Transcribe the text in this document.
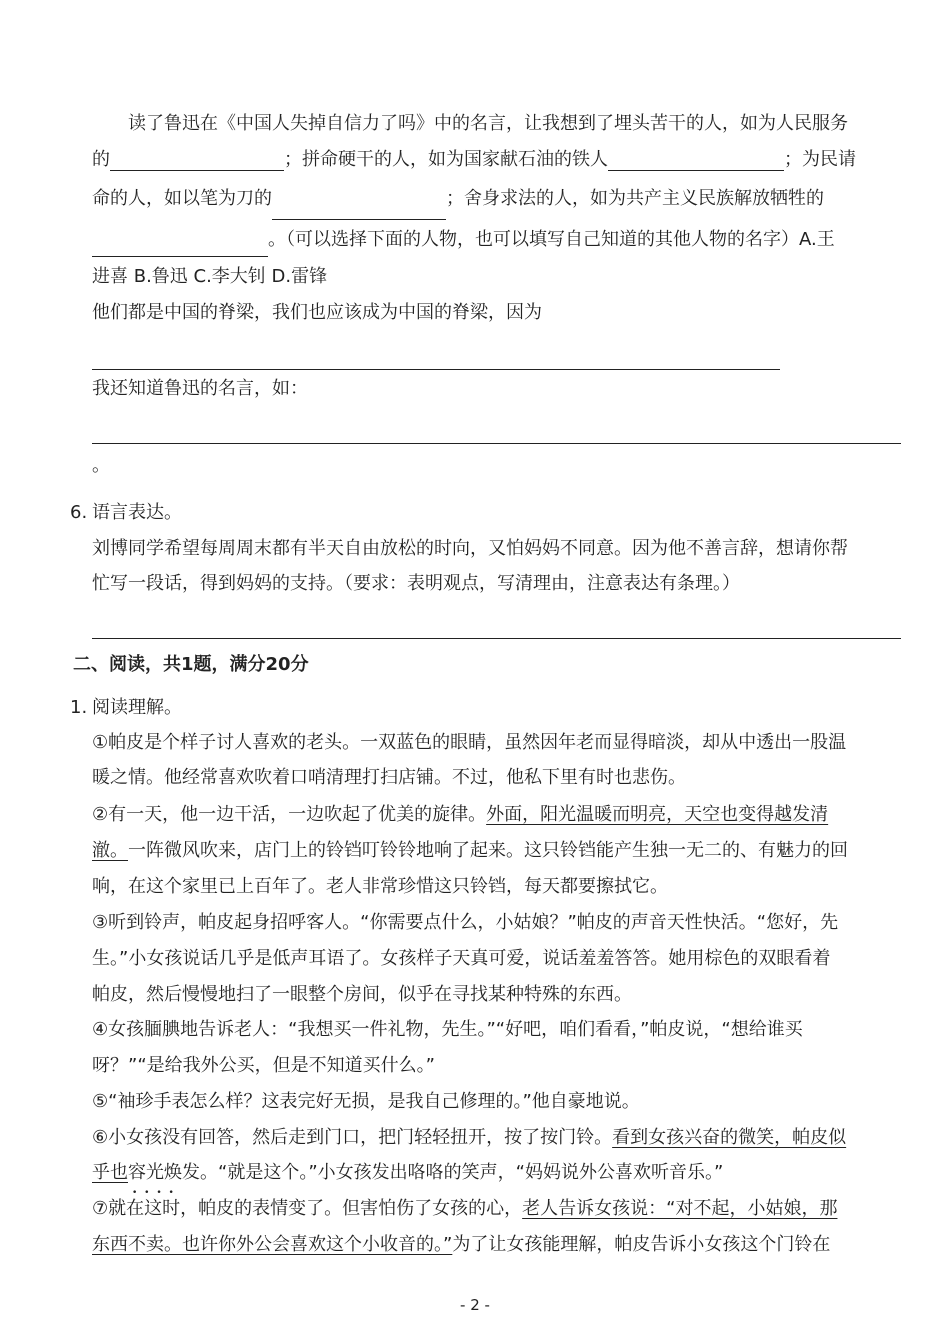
读了鲁迅在《中国人失掉自信力了吗》中的名言，让我想到了埋头苦干的人，如为人民服务
的	；拼命硬干的人，如为国家献石油的铁人	；为民请
命的人，如以笔为刀的	；舍身求法的人，如为共产主义民族解放牺牲的
。（可以选择下面的人物，也可以填写自己知道的其他人物的名字）A.王
进喜 B.鲁迅 C.李大钊 D.雷锋
他们都是中国的脊梁，我们也应该成为中国的脊梁，因为
我还知道鲁迅的名言，如：
。
6. 语言表达。
刘博同学希望每周周末都有半天自由放松的时向，又怕妈妈不同意。因为他不善言辞，想请你帮
忙写一段话，得到妈妈的支持。（要求：表明观点，写清理由，注意表达有条理。）
二、阅读，共1题，满分20分
1. 阅读理解。
①帕皮是个样子讨人喜欢的老头。一双蓝色的眼睛，虽然因年老而显得暗淡，却从中透出一股温
暖之情。他经常喜欢吹着口哨清理打扫店铺。不过，他私下里有时也悲伤。
②有一天，他一边干活，一边吹起了优美的旋律。外面，阳光温暖而明亮，天空也变得越发清
澈。一阵微风吹来，店门上的铃铛叮铃铃地响了起来。这只铃铛能产生独一无二的、有魅力的回
响，在这个家里已上百年了。老人非常珍惜这只铃铛，每天都要擦拭它。
③听到铃声，帕皮起身招呼客人。“你需要点什么，小姑娘？”帕皮的声音天性快活。“您好，先
生。”小女孩说话几乎是低声耳语了。女孩样子天真可爱，说话羞羞答答。她用棕色的双眼看着
帕皮，然后慢慢地扫了一眼整个房间，似乎在寻找某种特殊的东西。
④女孩腼腆地告诉老人：“我想买一件礼物，先生。”“好吧，咱们看看，”帕皮说，“想给谁买
呀？”“是给我外公买，但是不知道买什么。”
⑤“袖珍手表怎么样？这表完好无损，是我自己修理的。”他自豪地说。
⑥小女孩没有回答，然后走到门口，把门轻轻扭开，按了按门铃。看到女孩兴奋的微笑，帕皮似
乎也容光焕发 • • 。“就是这个。”小女孩发出咯咯的笑声，“妈妈说外公喜欢听音乐。”
⑦就在这时，帕皮的表情变了。但害怕伤了女孩的心，老人告诉女孩说：“对不起，小姑娘，那
东西不卖。也许你外公会喜欢这个小收音的。”为了让女孩能理解，帕皮告诉小女孩这个门铃在
- 2 -
